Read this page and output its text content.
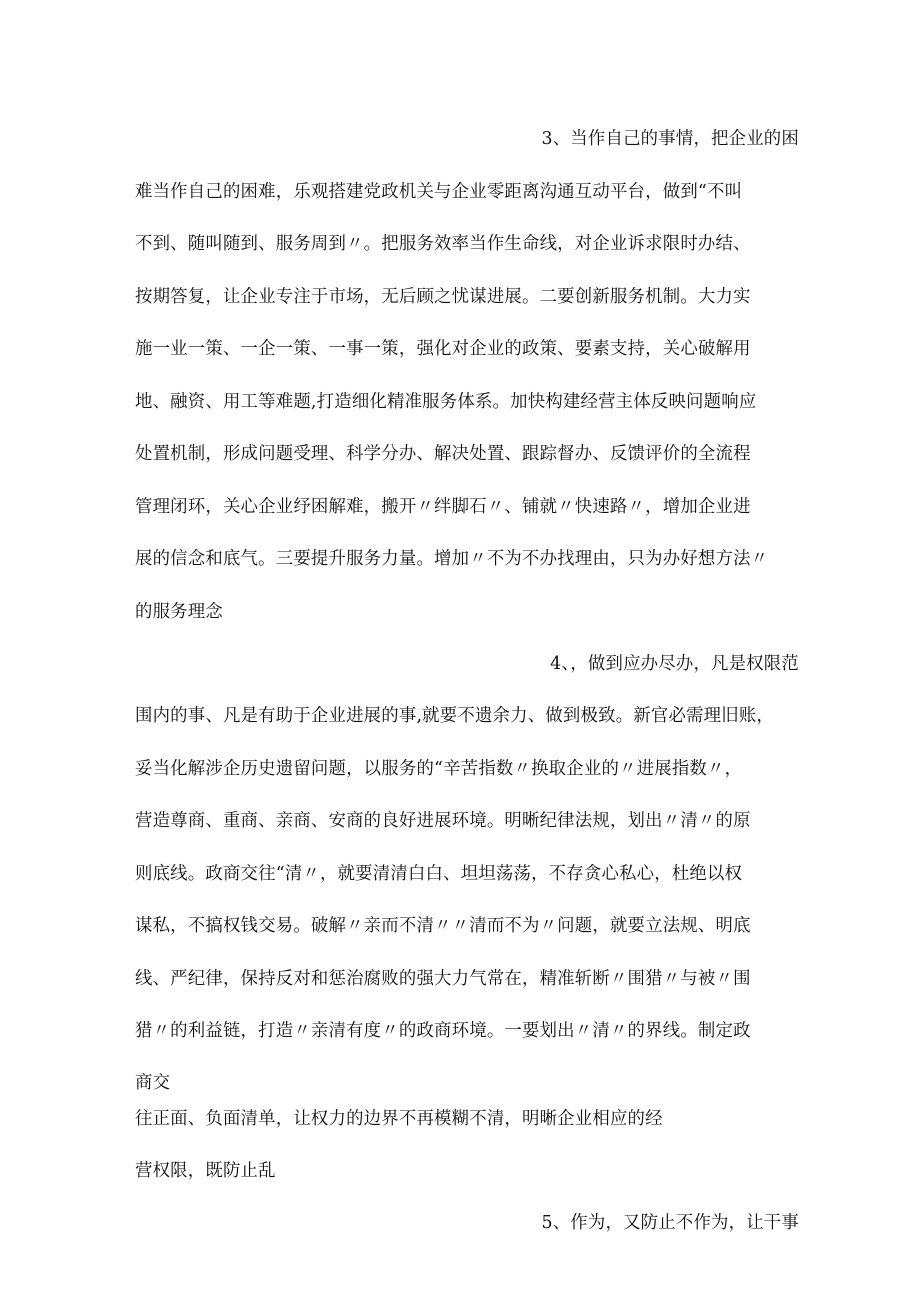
3、当作自己的事情，把企业的困

难当作自己的困难，乐观搭建党政机关与企业零距离沟通互动平台，做到“不叫

不到、随叫随到、服务周到〃。把服务效率当作生命线，对企业诉求限时办结、

按期答复，让企业专注于市场，无后顾之忧谋进展。二要创新服务机制。大力实

施一业一策、一企一策、一事一策，强化对企业的政策、要素支持，关心破解用

地、融资、用工等难题,打造细化精准服务体系。加快构建经营主体反映问题响应

处置机制，形成问题受理、科学分办、解决处置、跟踪督办、反馈评价的全流程

管理闭环，关心企业纾困解难，搬开〃绊脚石〃、铺就〃快速路〃，增加企业进

展的信念和底气。三要提升服务力量。增加〃不为不办找理由，只为办好想方法〃

的服务理念

4、，做到应办尽办，凡是权限范

围内的事、凡是有助于企业进展的事,就要不遗余力、做到极致。新官必需理旧账，

妥当化解涉企历史遗留问题，以服务的“辛苦指数〃换取企业的〃进展指数〃，

营造尊商、重商、亲商、安商的良好进展环境。明晰纪律法规，划出〃清〃的原

则底线。政商交往“清〃，就要清清白白、坦坦荡荡，不存贪心私心，杜绝以权

谋私，不搞权钱交易。破解〃亲而不清〃〃清而不为〃问题，就要立法规、明底

线、严纪律，保持反对和惩治腐败的强大力气常在，精准斩断〃围猎〃与被〃围

猎〃的利益链，打造〃亲清有度〃的政商环境。一要划出〃清〃的界线。制定政

商交

往正面、负面清单，让权力的边界不再模糊不清，明晰企业相应的经

营权限，既防止乱

5、作为，又防止不作为，让干事
